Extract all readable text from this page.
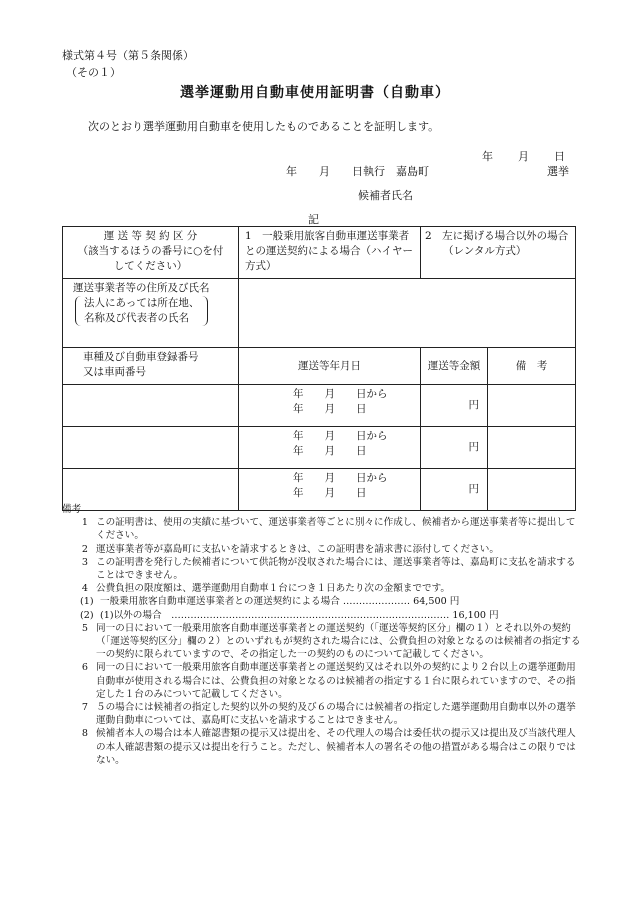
様式第４号（第５条関係）
（その１）
選挙運動用自動車使用証明書（自動車）
次のとおり選挙運動用自動車を使用したものであることを証明します。
年　　月　　日
年　　月　　日執行　嘉島町	選挙
候補者氏名
記
運 送 等 契 約 区 分
（該当するほうの番号に○を付
してください）	1　一般乗用旅客自動車運送事業者との運送契約による場合（ハイヤー方式）	2　左に掲げる場合以外の場合
（レンタル方式）	
運送事業者等の住所及び氏名
法人にあっては所在地、
名称及び代表者の氏名			
車種及び自動車登録番号
又は車両番号	運送等年月日	運送等金額	備　考
	年　　月　　日から
年　　月　　日	円	
	年　　月　　日から
年　　月　　日	円	
	年　　月　　日から
年　　月　　日	円	
備考
1 この証明書は、使用の実績に基づいて、運送事業者等ごとに別々に作成し、候補者から運送事業者等に提出してください。
2 運送事業者等が嘉島町に支払いを請求するときは、この証明書を請求書に添付してください。
3 この証明書を発行した候補者について供託物が没収された場合には、運送事業者等は、嘉島町に支払を請求することはできません。
4 公費負担の限度額は、選挙運動用自動車１台につき１日あたり次の金額までです。
(1) 一般乗用旅客自動車運送事業者との運送契約による場合 ………………… 64,500 円
(2) (1)以外の場合　…………………………………………………………………………… 16,100 円
5 同一の日において一般乗用旅客自動車運送事業者との運送契約（「運送等契約区分」欄の１）とそれ以外の契約（「運送等契約区分」欄の２）とのいずれもが契約された場合には、公費負担の対象となるのは候補者の指定する一の契約に限られていますので、その指定した一の契約のものについて記載してください。
6 同一の日において一般乗用旅客自動車運送事業者との運送契約又はそれ以外の契約により２台以上の選挙運動用自動車が使用される場合には、公費負担の対象となるのは候補者の指定する１台に限られていますので、その指定した１台のみについて記載してください。
7 ５の場合には候補者の指定した契約以外の契約及び６の場合には候補者の指定した選挙運動用自動車以外の選挙運動自動車については、嘉島町に支払いを請求することはできません。
8 候補者本人の場合は本人確認書類の提示又は提出を、その代理人の場合は委任状の提示又は提出及び当該代理人の本人確認書類の提示又は提出を行うこと。ただし、候補者本人の署名その他の措置がある場合はこの限りではない。
